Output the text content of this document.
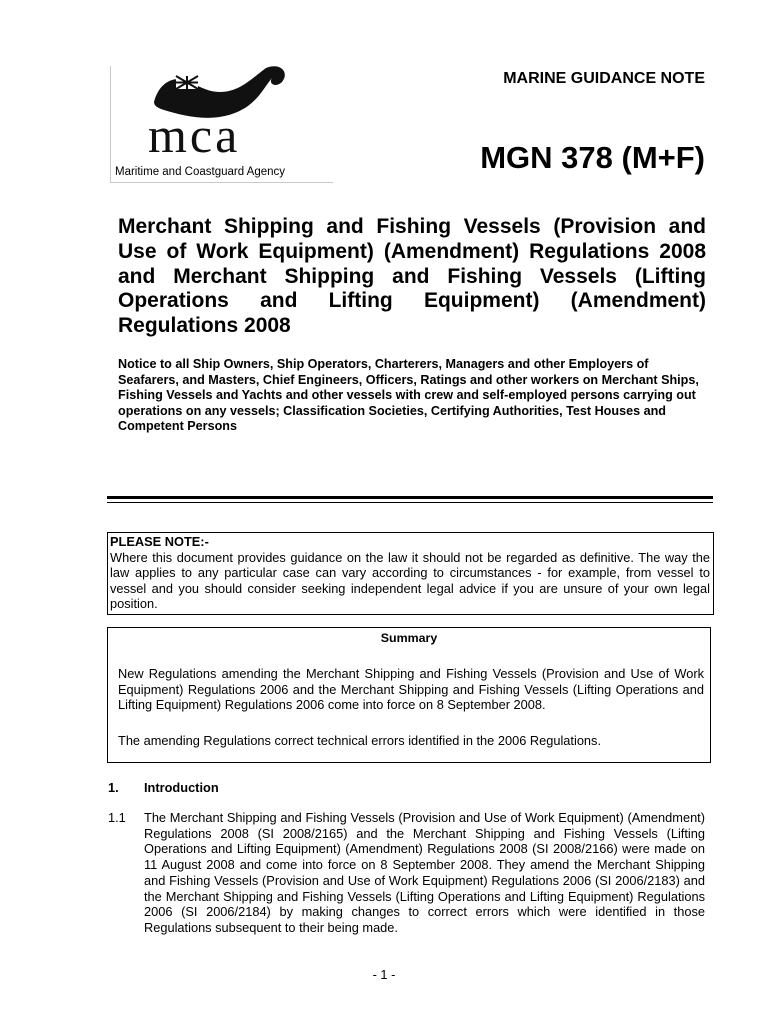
mca
Maritime and Coastguard Agency
MARINE GUIDANCE NOTE
MGN 378 (M+F)
Merchant Shipping and Fishing Vessels (Provision and Use of Work Equipment) (Amendment) Regulations 2008 and Merchant Shipping and Fishing Vessels (Lifting Operations and Lifting Equipment) (Amendment) Regulations 2008

Notice to all Ship Owners, Ship Operators, Charterers, Managers and other Employers of Seafarers, and Masters, Chief Engineers, Officers, Ratings and other workers on Merchant Ships, Fishing Vessels and Yachts and other vessels with crew and self-employed persons carrying out operations on any vessels; Classification Societies, Certifying Authorities, Test Houses and Competent Persons

PLEASE NOTE:-
Where this document provides guidance on the law it should not be regarded as definitive. The way the law applies to any particular case can vary according to circumstances - for example, from vessel to vessel and you should consider seeking independent legal advice if you are unsure of your own legal position.
Summary

New Regulations amending the Merchant Shipping and Fishing Vessels (Provision and Use of Work Equipment) Regulations 2006 and the Merchant Shipping and Fishing Vessels (Lifting Operations and Lifting Equipment) Regulations 2006 come into force on 8 September 2008.

The amending Regulations correct technical errors identified in the 2006 Regulations.

1. Introduction
1.1 The Merchant Shipping and Fishing Vessels (Provision and Use of Work Equipment) (Amendment) Regulations 2008 (SI 2008/2165) and the Merchant Shipping and Fishing Vessels (Lifting Operations and Lifting Equipment) (Amendment) Regulations 2008 (SI 2008/2166) were made on 11 August 2008 and come into force on 8 September 2008. They amend the Merchant Shipping and Fishing Vessels (Provision and Use of Work Equipment) Regulations 2006 (SI 2006/2183) and the Merchant Shipping and Fishing Vessels (Lifting Operations and Lifting Equipment) Regulations 2006 (SI 2006/2184) by making changes to correct errors which were identified in those Regulations subsequent to their being made.

- 1 -
